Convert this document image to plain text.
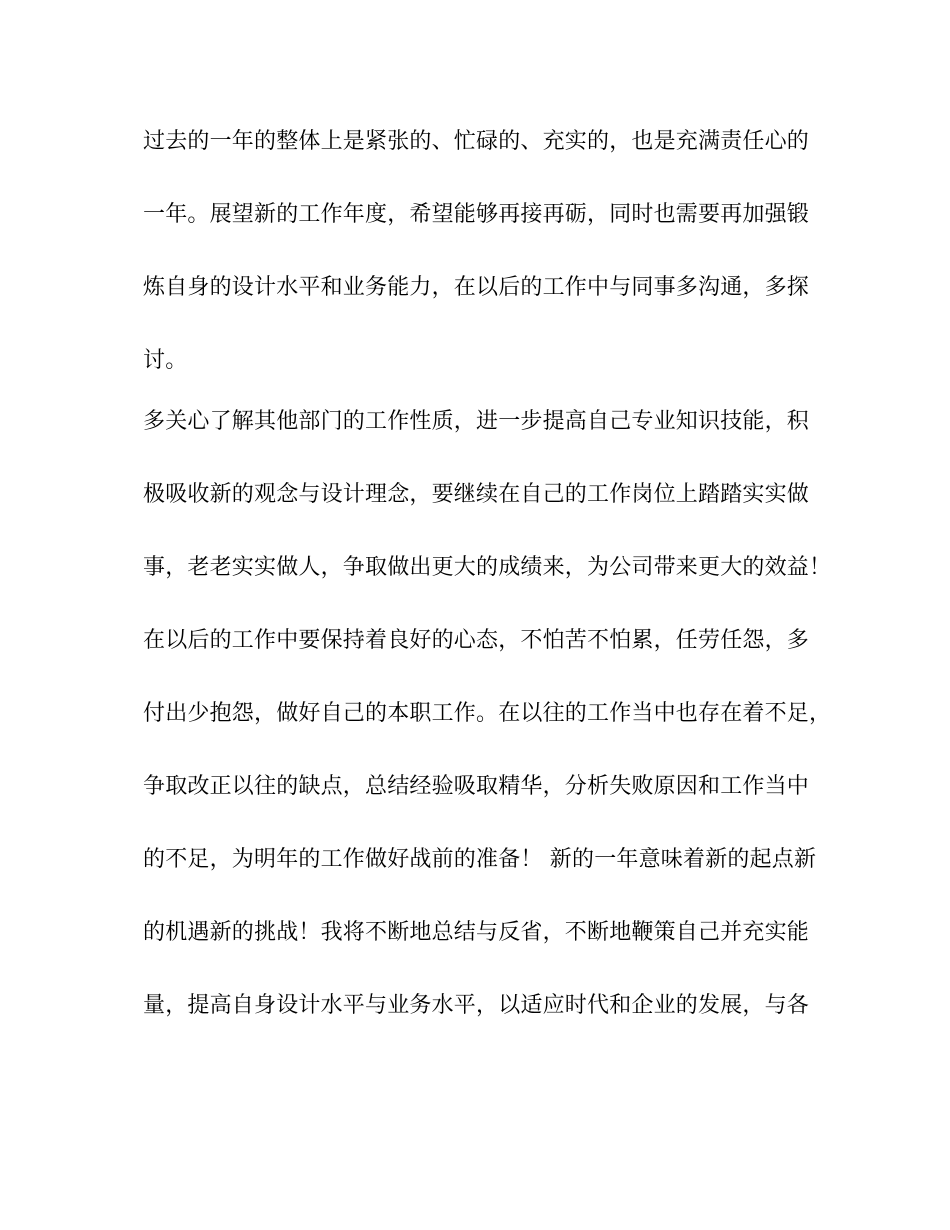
过去的一年的整体上是紧张的、忙碌的、充实的，也是充满责任心的
一年。展望新的工作年度，希望能够再接再砺，同时也需要再加强锻
炼自身的设计水平和业务能力，在以后的工作中与同事多沟通，多探
讨。
多关心了解其他部门的工作性质，进一步提高自己专业知识技能，积
极吸收新的观念与设计理念，要继续在自己的工作岗位上踏踏实实做
事，老老实实做人，争取做出更大的成绩来，为公司带来更大的效益！
在以后的工作中要保持着良好的心态，不怕苦不怕累，任劳任怨，多
付出少抱怨，做好自己的本职工作。在以往的工作当中也存在着不足，
争取改正以往的缺点，总结经验吸取精华，分析失败原因和工作当中
的不足，为明年的工作做好战前的准备！ 新的一年意味着新的起点新
的机遇新的挑战！我将不断地总结与反省，不断地鞭策自己并充实能
量，提高自身设计水平与业务水平，以适应时代和企业的发展，与各
